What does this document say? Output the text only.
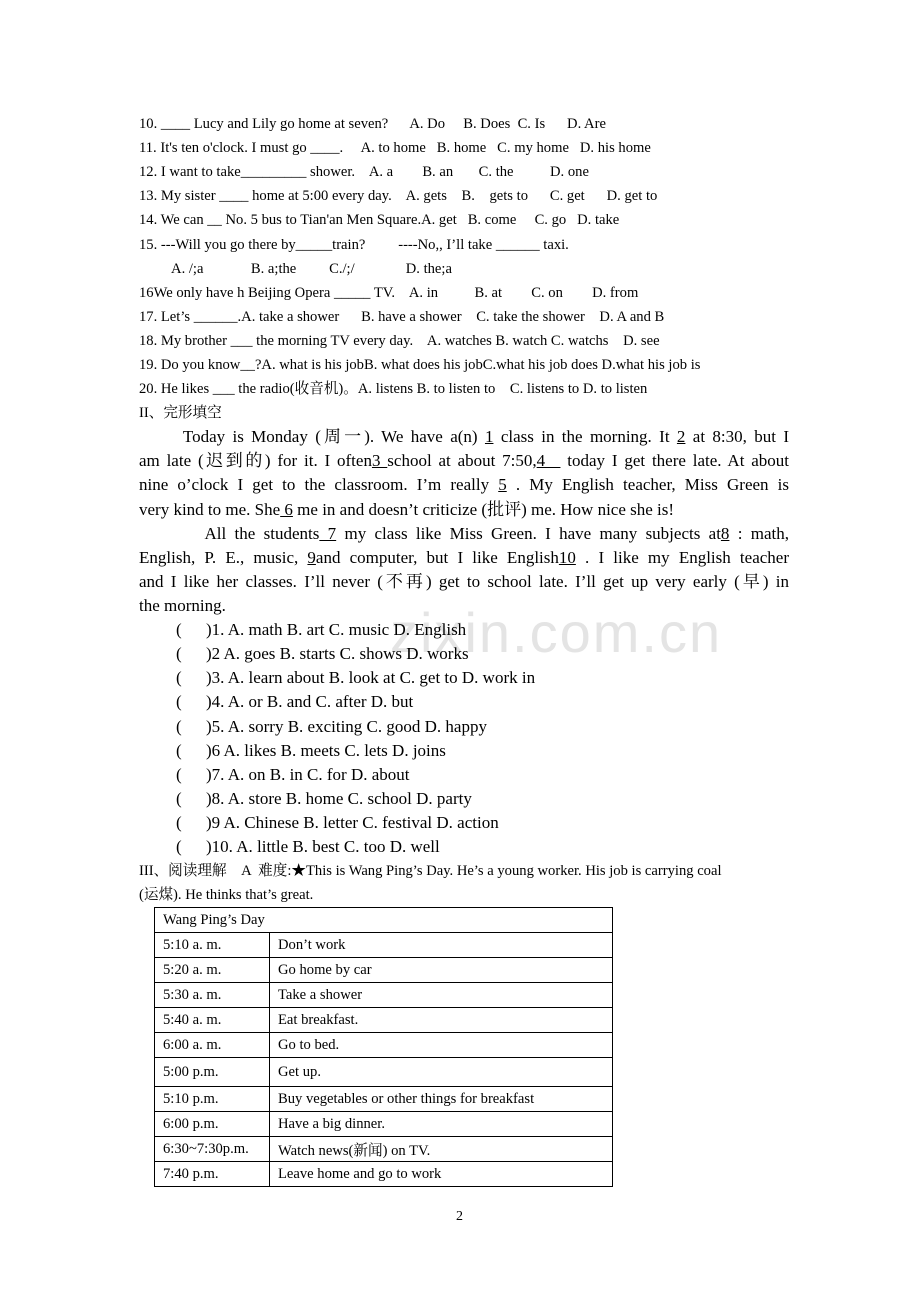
zixin.com.cn
10. ____ Lucy and Lily go home at seven?      A. Do     B. Does  C. Is      D. Are
11. It's ten o'clock. I must go ____.     A. to home   B. home   C. my home   D. his home
12. I want to take_________ shower.    A. a        B. an       C. the          D. one
13. My sister ____ home at 5:00 every day.    A. gets    B.    gets to      C. get      D. get to
14. We can __ No. 5 bus to Tian'an Men Square.A. get   B. come     C. go   D. take
15. ---Will you go there by_____train?         ----No,, I’ll take ______ taxi.
A. /;a             B. a;the         C./;/              D. the;a
16We only have h Beijing Opera _____ TV.    A. in          B. at        C. on        D. from
17. Let’s ______.A. take a shower      B. have a shower    C. take the shower    D. A and B
18. My brother ___ the morning TV every day.    A. watches B. watch C. watchs    D. see
19. Do you know__?A. what is his jobB. what does his jobC.what his job does D.what his job is
20. He likes ___ the radio(收音机)。A. listens B. to listen to    C. listens to D. to listen
II、完形填空
Today is Monday (周一). We have a(n) 1 class in the morning. It 2 at 8:30, but I
am late (迟到的) for it. I often3 school at about 7:50,4_  today I get there late. At about
nine o’clock I get to the classroom. I’m really 5 . My English teacher, Miss Green is
very kind to me. She 6 me in and doesn’t criticize (批评) me. How nice she is!
All the students 7 my class like Miss Green. I have many subjects at8 : math,
English, P. E., music, 9and computer, but I like English10 . I like my English teacher
and I like her classes. I’ll never (不再) get to school late. I’ll get up very early (早) in
the morning.
( )1. A. math B. art C. music D. English
( )2 A. goes B. starts C. shows D. works
( )3. A. learn about B. look at C. get to D. work in
( )4. A. or B. and C. after D. but
( )5. A. sorry B. exciting C. good D. happy
( )6 A. likes B. meets C. lets D. joins
( )7. A. on B. in C. for D. about
( )8. A. store B. home C. school D. party
( )9 A. Chinese B. letter C. festival D. action
( )10. A. little B. best C. too D. well
III、阅读理解    A  难度:★This is Wang Ping’s Day. He’s a young worker. His job is carrying coal
(运煤). He thinks that’s great.
Wang Ping’s Day	
5:10 a. m.	Don’t work
5:20 a. m.	Go home by car
5:30 a. m.	Take a shower
5:40 a. m.	Eat breakfast.
6:00 a. m.	Go to bed.
5:00 p.m.	Get up.
5:10 p.m.	Buy vegetables or other things for breakfast
6:00 p.m.	Have a big dinner.
6:30~7:30p.m.	Watch news(新闻) on TV.
7:40 p.m.	Leave home and go to work
2
